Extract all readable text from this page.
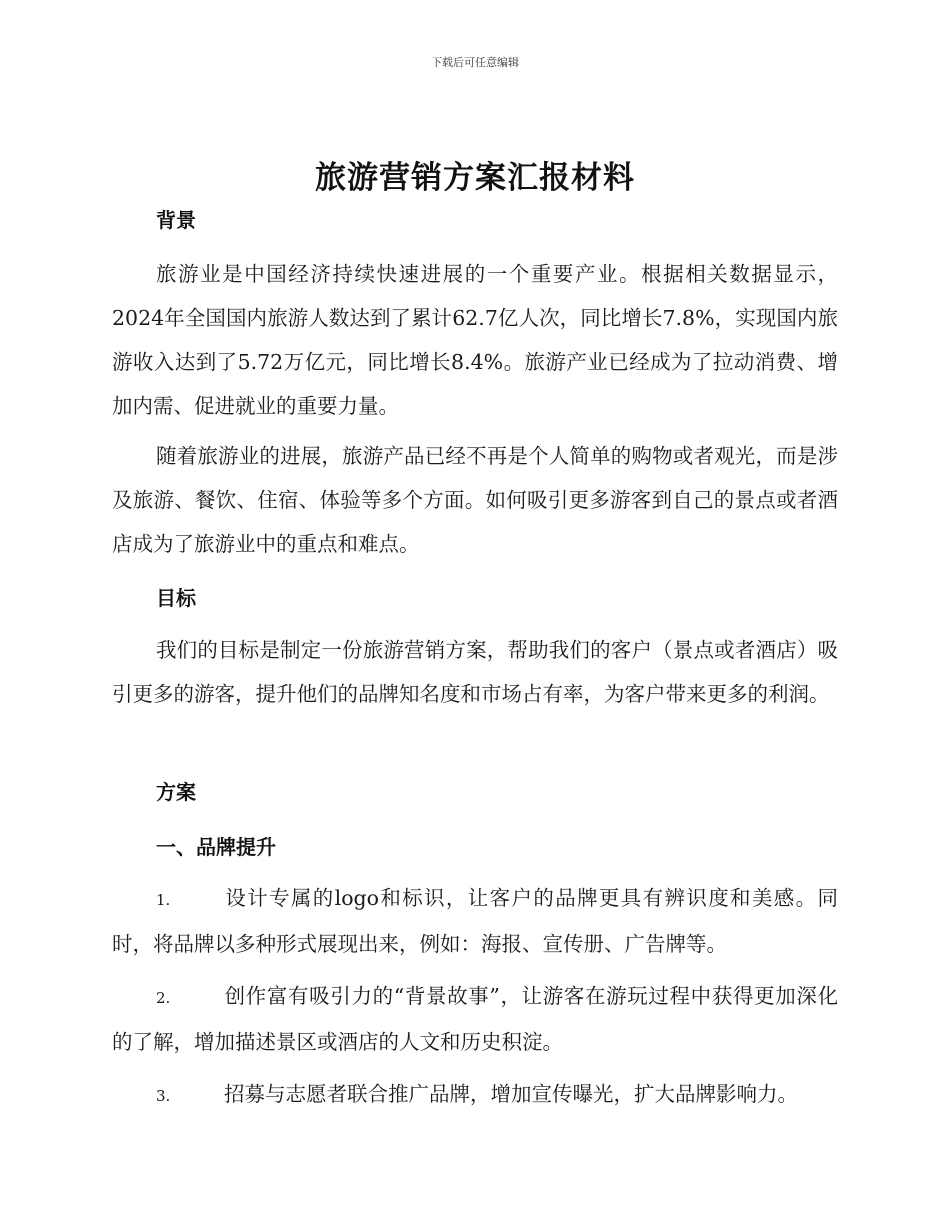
下载后可任意编辑
旅游营销方案汇报材料
背景

旅游业是中国经济持续快速进展的一个重要产业。根据相关数据显示，2024年全国国内旅游人数达到了累计62.7亿人次，同比增长7.8%，实现国内旅游收入达到了5.72万亿元，同比增长8.4%。旅游产业已经成为了拉动消费、增加内需、促进就业的重要力量。

随着旅游业的进展，旅游产品已经不再是个人简单的购物或者观光，而是涉及旅游、餐饮、住宿、体验等多个方面。如何吸引更多游客到自己的景点或者酒店成为了旅游业中的重点和难点。

目标

我们的目标是制定一份旅游营销方案，帮助我们的客户（景点或者酒店）吸引更多的游客，提升他们的品牌知名度和市场占有率，为客户带来更多的利润。

方案
一、品牌提升

1.	设计专属的logo和标识，让客户的品牌更具有辨识度和美感。同时，将品牌以多种形式展现出来，例如：海报、宣传册、广告牌等。

2.	创作富有吸引力的“背景故事”，让游客在游玩过程中获得更加深化的了解，增加描述景区或酒店的人文和历史积淀。

3.	招募与志愿者联合推广品牌，增加宣传曝光，扩大品牌影响力。
